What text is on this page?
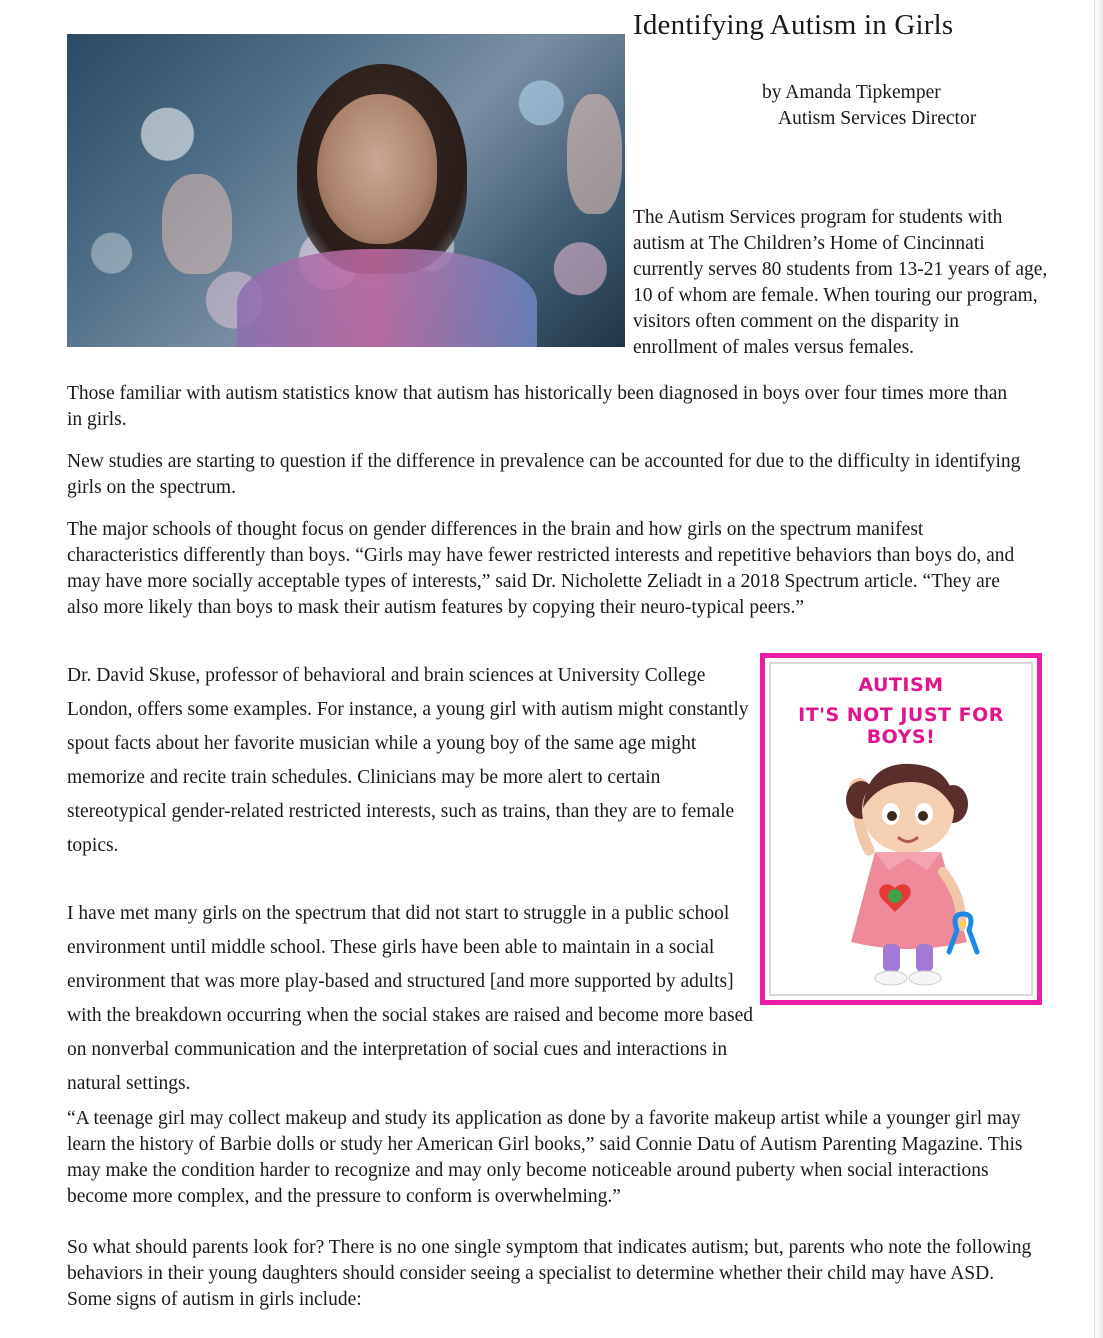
Identifying Autism in Girls
by Amanda Tipkemper
Autism Services Director

The Autism Services program for students with autism at The Children’s Home of Cincinnati currently serves 80 students from 13-21 years of age, 10 of whom are female. When touring our program, visitors often comment on the disparity in enrollment of males versus females.

Those familiar with autism statistics know that autism has historically been diagnosed in boys over four times more than in girls.

New studies are starting to question if the difference in prevalence can be accounted for due to the difficulty in identifying girls on the spectrum.

The major schools of thought focus on gender differences in the brain and how girls on the spectrum manifest characteristics differently than boys. “Girls may have fewer restricted interests and repetitive behaviors than boys do, and may have more socially acceptable types of interests,” said Dr. Nicholette Zeliadt in a 2018 Spectrum article. “They are also more likely than boys to mask their autism features by copying their neuro-typical peers.”

Dr. David Skuse, professor of behavioral and brain sciences at University College London, offers some examples. For instance, a young girl with autism might constantly spout facts about her favorite musician while a young boy of the same age might memorize and recite train schedules. Clinicians may be more alert to certain stereotypical gender-related restricted interests, such as trains, than they are to female topics.

I have met many girls on the spectrum that did not start to struggle in a public school environment until middle school. These girls have been able to maintain in a social environment that was more play-based and structured [and more supported by adults] with the breakdown occurring when the social stakes are raised and become more based on nonverbal communication and the interpretation of social cues and interactions in natural settings.

“A teenage girl may collect makeup and study its application as done by a favorite makeup artist while a younger girl may learn the history of Barbie dolls or study her American Girl books,” said Connie Datu of Autism Parenting Magazine. This may make the condition harder to recognize and may only become noticeable around puberty when social interactions become more complex, and the pressure to conform is overwhelming.”

So what should parents look for? There is no one single symptom that indicates autism; but, parents who note the following behaviors in their young daughters should consider seeing a specialist to determine whether their child may have ASD. Some signs of autism in girls include:

AUTISM
IT'S NOT JUST FOR BOYS!
